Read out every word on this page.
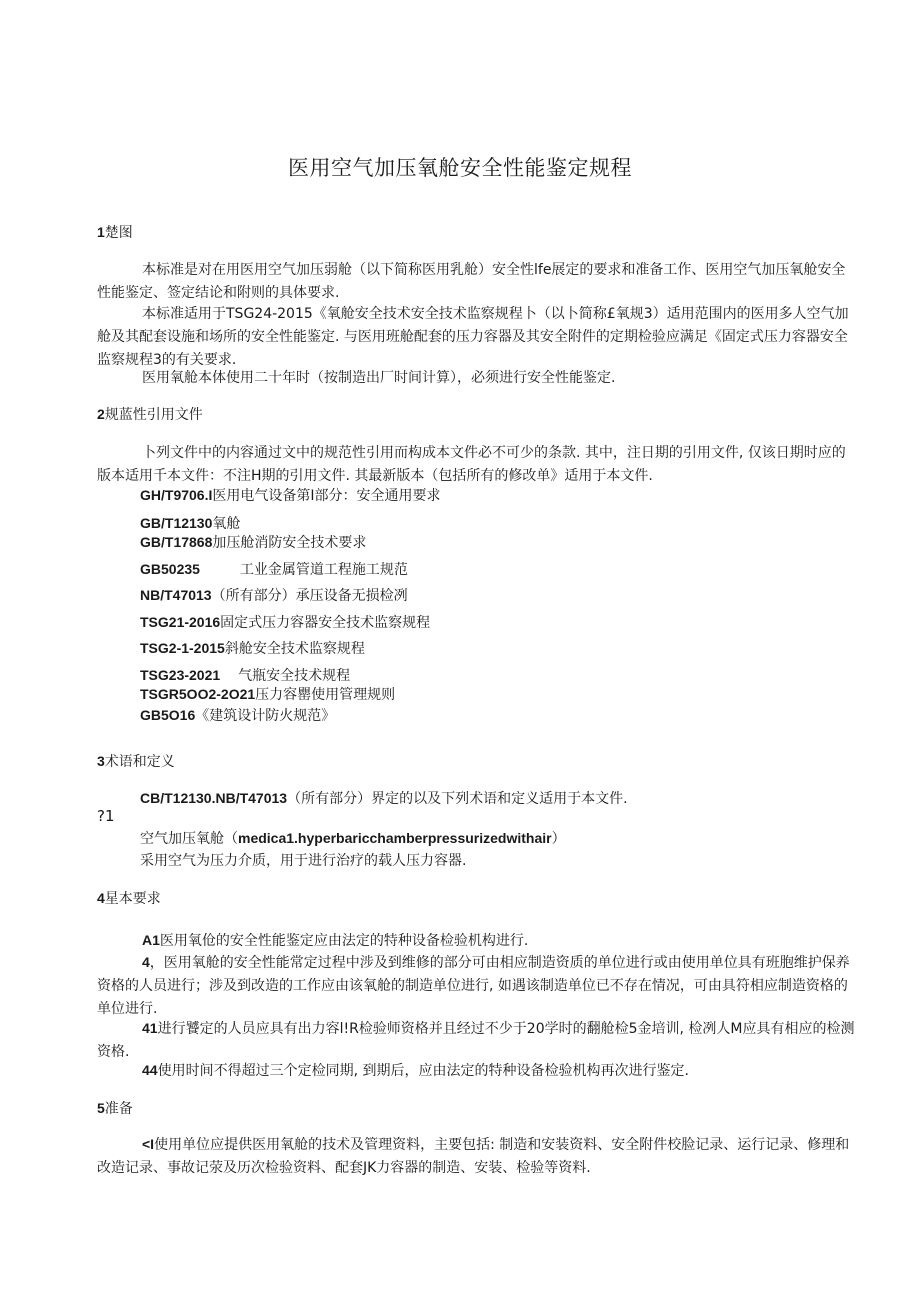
医用空气加压氧舱安全性能鉴定规程
1楚图
本标准是对在用医用空气加压弱舱（以下简称医用乳舱）安全性lfe展定的要求和准备工作、医用空气加压氧舱安全性能鉴定、签定结论和附则的具体要求.
本标准适用于TSG24-2015《氧舱安全技术安全技术监察规程卜（以卜简称£氧规3）适用范围内的医用多人空气加舱及其配套设施和场所的安全性能鉴定. 与医用班舱配套的压力容器及其安全附件的定期检验应满足《固定式压力容器安全监察规程3的有关要求.
医用氧舱本体使用二十年时（按制造出厂时间计算），必须进行安全性能鉴定.
2规蓝性引用文件
卜列文件中的内容通过文中的规范性引用而构成本文件必不可少的条款. 其中，注日期的引用文件, 仅该日期时应的版本适用千本文件：不注H期的引用文件. 其最新版本（包括所有的修改单》适用于本文件.
GH/T9706.I医用电气设备第I部分：安全通用要求
GB/T12130氧舱
GB/T17868加压舱消防安全技术要求
GB50235	工业金属管道工程施工规范
NB/T47013（所有部分）承压设备无损检冽
TSG21-2016固定式压力容器安全技术监察规程
TSG2-1-2015斜舱安全技术监察规程
TSG23-2021 气瓶安全技术规程
TSGR5OO2-2O21压力容罌使用管理规则
GB5O16《建筑设计防火规范》
3术语和定义
CB/T12130.NB/T47013（所有部分）界定的以及下列术语和定义适用于本文件.
?1
空气加压氧舱（medica1.hyperbaricchamberpressurizedwithair）
采用空气为压力介质，用于进行治疗的载人压力容器.
4星本要求
A1医用氧伧的安全性能鉴定应由法定的特种设备检验机构进行.
4，医用氧舱的安全性能常定过程中涉及到维修的部分可由相应制造资质的单位进行或由使用单位具有班胞维护保养资格的人员进行；涉及到改造的工作应由该氧舱的制造单位进行, 如遇该制造单位已不存在情况，可由具符相应制造资格的单位进行.
41进行饕定的人员应具有出力容l!R检验师资格并且经过不少于20学时的翻舱检5金培训, 检冽人M应具有相应的检测资格.
44使用时间不得超过三个定检同期, 到期后，应由法定的特种设备检验机构再次进行鉴定.
5准备
<I使用单位应提供医用氧舱的技术及管理资料，主要包括: 制造和安装资料、安全附件校脸记录、运行记录、修理和改造记录、事故记荥及历次检验资料、配套JK力容器的制造、安装、检验等资料.
